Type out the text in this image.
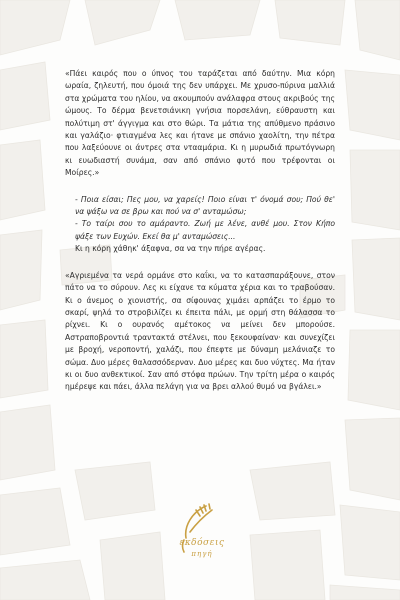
«Πάει καιρός που ο ύπνος του ταράζεται από δαύτην. Μια κόρη ωραία, ζηλευτή, που όμοιά της δεν υπάρχει. Με χρυσο-πύρινα μαλλιά στα χρώματα του ηλίου, να ακουμπούν ανάλαφρα στους ακριβούς της ώμους. Το δέρμα βενετσιάνικη γνήσια πορσελάνη, εύθραυστη και πολύτιμη στ' άγγιγμα και στο θώρι. Τα μάτια της απύθμενο πράσινο και γαλάζιο· φτιαγμένα λες και ήτανε με σπάνιο χαολίτη, την πέτρα που λαξεύουνε οι άντρες στα ντααμάρια. Κι η μυρωδιά πρωτόγνωρη κι ευωδιαστή συνάμα, σαν από σπάνιο φυτό που τρέφονται οι Μοίρες.»

- Ποια είσαι; Πες μου, να χαρείς! Ποιο είναι τ' όνομά σου; Πού θε' να ψάξω να σε βρω και πού να σ' ανταμώσω;
- Το ταίρι σου το αμάραντο. Ζωή με λένε, ανθέ μου. Στον Κήπο ψάξε των Ευχών. Εκεί θα μ' ανταμώσεις...
Κι η κόρη χάθηκ' άξαφνα, σα να την πήρε αγέρας.

«Αγριεμένα τα νερά ορμάνε στο καΐκι, να το κατασπαράξουνε, στον πάτο να το σύρουν. Λες κι είχανε τα κύματα χέρια και το τραβούσαν. Κι ο άνεμος ο χιονιστής, σα σίφουνας χιμάει αρπάζει το έρμο το σκαρί, ψηλά το στροβιλίζει κι έπειτα πάλι, με ορμή στη θάλασσα το ρίχνει. Κι ο ουρανός αμέτοκος να μείνει δεν μπορούσε. Αστραποβροντιά τραντακτά στέλνει, που ξεκουφαίναν· και συνεχίζει με βροχή, νεροποντή, χαλάζι, που έπεφτε με δύναμη μελάνιαζε το σώμα. Δυο μέρες θαλασσόδερναν. Δυο μέρες και δυο νύχτες. Μα ήταν κι οι δυο ανθεκτικοί. Σαν από στόφα πρώων. Την τρίτη μέρα ο καιρός ημέρεψε και πάει, άλλα πελάγη για να βρει αλλού θυμό να βγάλει.»

εκδόσεις
πηγή
